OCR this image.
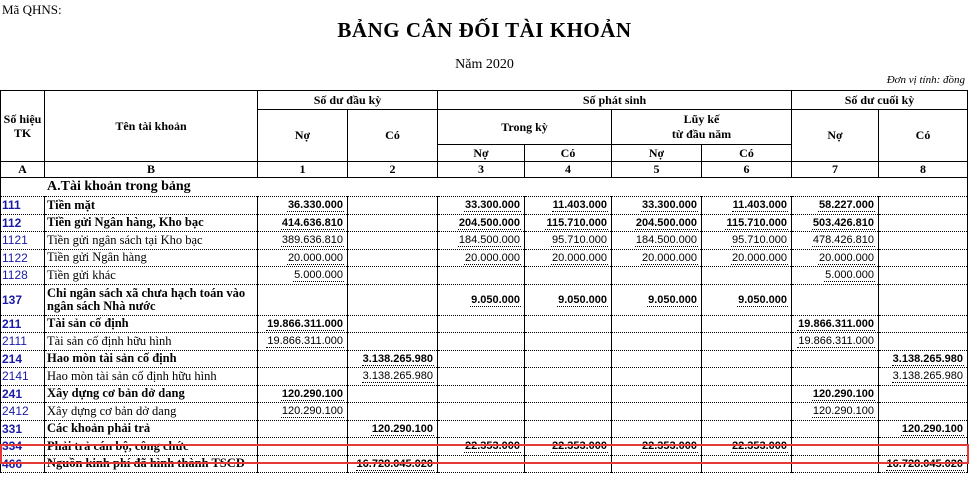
Mã QHNS:
BẢNG CÂN ĐỐI TÀI KHOẢN
Năm 2020
Đơn vị tính: đồng
Số hiệu TK	Tên tài khoản	Số dư đầu kỳ		Số phát sinh				Số dư cuối kỳ	
		Nợ	Có	Trong kỳ		Lũy kế
từ đầu năm		Nợ	Có
				Nợ	Có	Nợ	Có		
A	B	1	2	3	4	5	6	7	8
A.Tài khoản trong bảng									
111	Tiền mặt	36.330.000		33.300.000	11.403.000	33.300.000	11.403.000	58.227.000	
112	Tiền gửi Ngân hàng, Kho bạc	414.636.810		204.500.000	115.710.000	204.500.000	115.710.000	503.426.810	
1121	Tiền gửi ngân sách tại Kho bạc	389.636.810		184.500.000	95.710.000	184.500.000	95.710.000	478.426.810	
1122	Tiền gửi Ngân hàng	20.000.000		20.000.000	20.000.000	20.000.000	20.000.000	20.000.000	
1128	Tiền gửi khác	5.000.000						5.000.000	
137	Chi ngân sách xã chưa hạch toán vào ngân sách Nhà nước			9.050.000	9.050.000	9.050.000	9.050.000		
211	Tài sản cố định	19.866.311.000						19.866.311.000	
2111	Tài sản cố định hữu hình	19.866.311.000						19.866.311.000	
214	Hao mòn tài sản cố định		3.138.265.980						3.138.265.980
2141	Hao mòn tài sản cố định hữu hình		3.138.265.980						3.138.265.980
241	Xây dựng cơ bản dở dang	120.290.100						120.290.100	
2412	Xây dựng cơ bản dở dang	120.290.100						120.290.100	
331	Các khoản phải trả		120.290.100						120.290.100
334	Phải trả cán bộ, công chức			22.353.000	22.353.000	22.353.000	22.353.000		
466	Nguồn kinh phí đã hình thành TSCĐ		16.728.045.020						16.728.045.020
